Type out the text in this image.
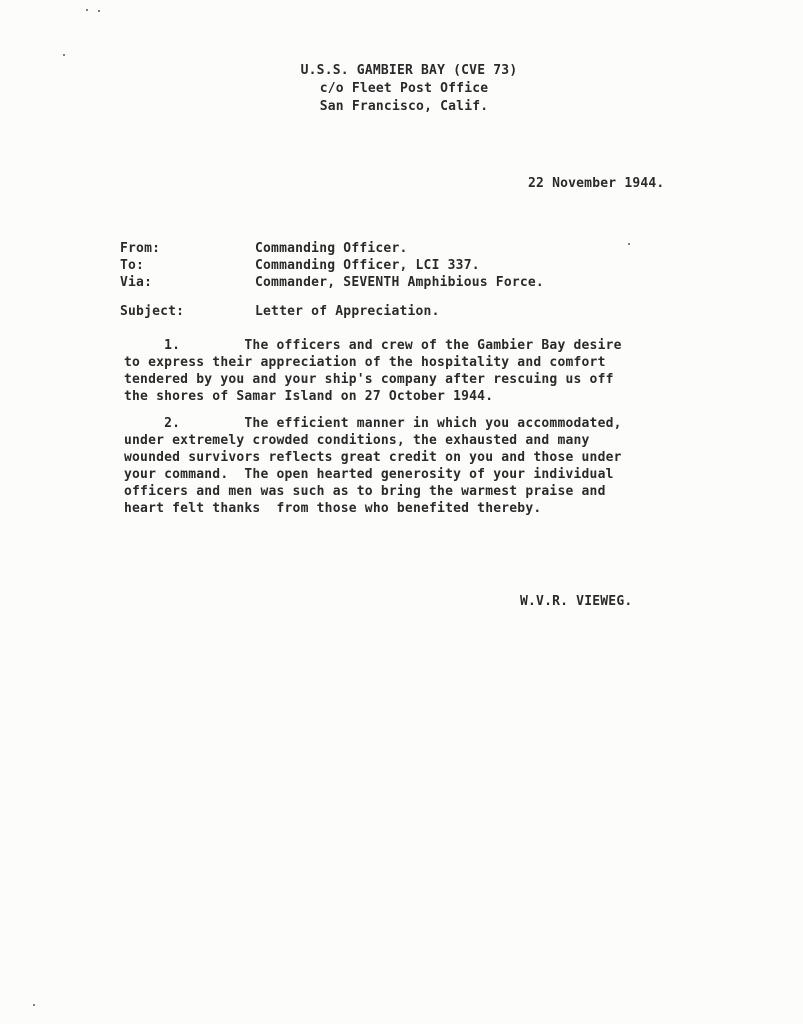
U.S.S. GAMBIER BAY (CVE 73)
c/o Fleet Post Office
San Francisco, Calif.
22 November 1944.
From:	Commanding Officer.
To:	Commanding Officer, LCI 337.
Via:	Commander, SEVENTH Amphibious Force.
Subject:	Letter of Appreciation.
1.        The officers and crew of the Gambier Bay desire
to express their appreciation of the hospitality and comfort
tendered by you and your ship's company after rescuing us off
the shores of Samar Island on 27 October 1944.
2.        The efficient manner in which you accommodated,
under extremely crowded conditions, the exhausted and many
wounded survivors reflects great credit on you and those under
your command.  The open hearted generosity of your individual
officers and men was such as to bring the warmest praise and
heart felt thanks  from those who benefited thereby.
W.V.R. VIEWEG.
